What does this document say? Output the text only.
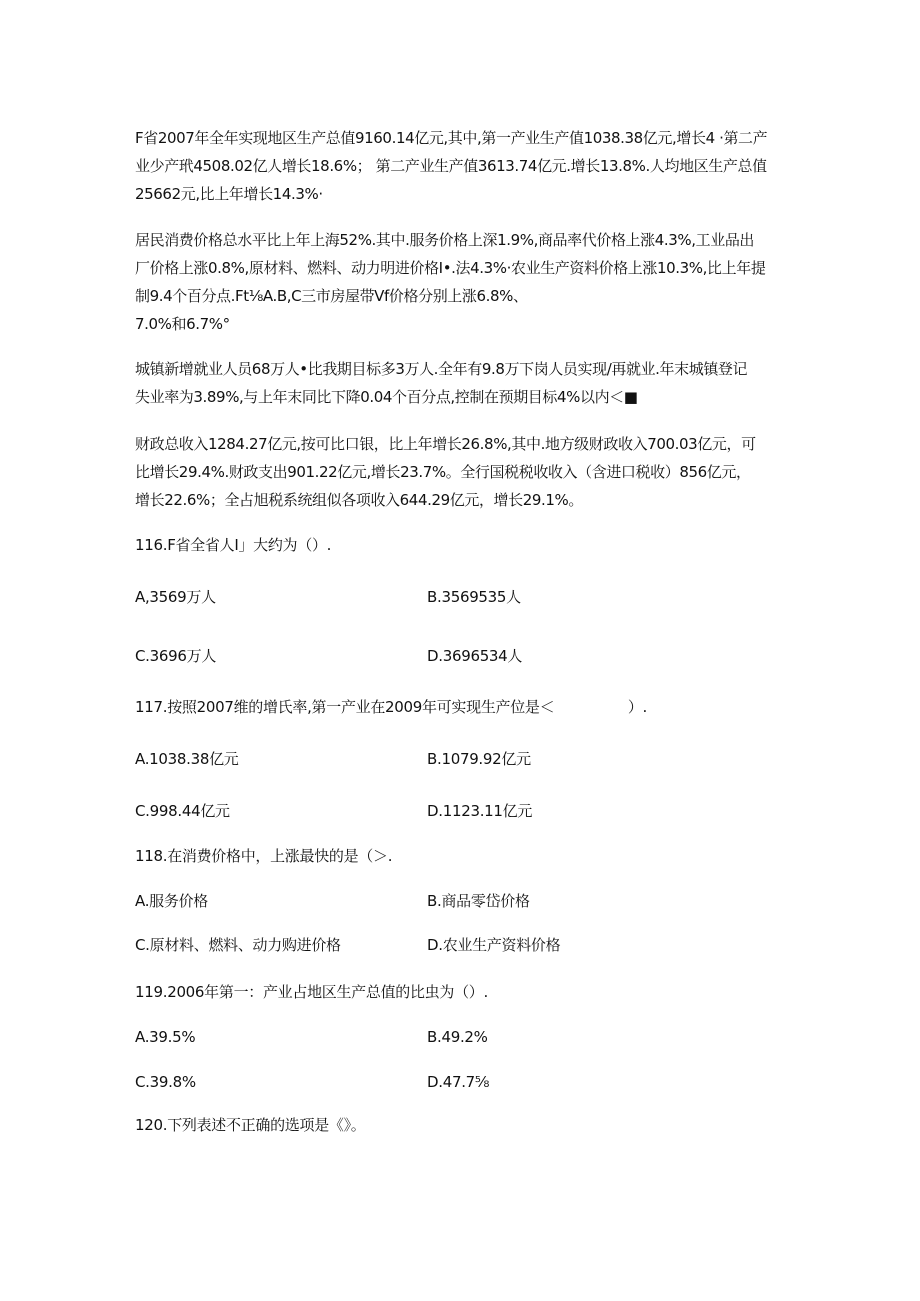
F省2007年全年实现地区生产总值9160.14亿元,其中,第一产业生产值1038.38亿元,增长4 ·第二产
业少产玳4508.02亿人增长18.6%； 第二产业生产值3613.74亿元.增长13.8%.人均地区生产总值
25662元,比上年增长14.3%·
居民消费价格总水平比上年上海52%.其中.服务价格上深1.9%,商品率代价格上涨4.3%,工业品出
厂价格上涨0.8%,原材料、燃料、动力明进价格I•.法4.3%·农业生产资料价格上涨10.3%,比上年提
制9.4个百分点.Ft⅛A.B,C三市房屋带Vf价格分别上涨6.8%、
7.0%和6.7%°
城镇新增就业人员68万人•比我期目标多3万人.全年有9.8万下岗人员实现/再就业.年末城镇登记
失业率为3.89%,与上年末同比下降0.04个百分点,控制在预期目标4%以内＜■
财政总收入1284.27亿元,按可比口银，比上年增长26.8%,其中.地方级财政收入700.03亿元，可
比增长29.4%.财政支出901.22亿元,增长23.7%。全行国税税收收入（含进口税收）856亿元，
增长22.6%；全占旭税系统组似各项收入644.29亿元，增长29.1%。
116.F省全省人I」大约为（）.
A,3569万人	B.3569535人
C.3696万人	D.3696534人
117.按照2007维的增氏率,第一产业在2009年可实现生产位是＜　　　　　）.
A.1038.38亿元	B.1079.92亿元
C.998.44亿元	D.1123.11亿元
118.在消费价格中，上涨最快的是（＞.
A.服务价格	B.商品零岱价格
C.原材料、燃料、动力购进价格	D.农业生产资料价格
119.2006年第一：产业占地区生产总值的比虫为（）.
A.39.5%	B.49.2%
C.39.8%	D.47.7⅝
120.下列表述不正确的选项是《》。
